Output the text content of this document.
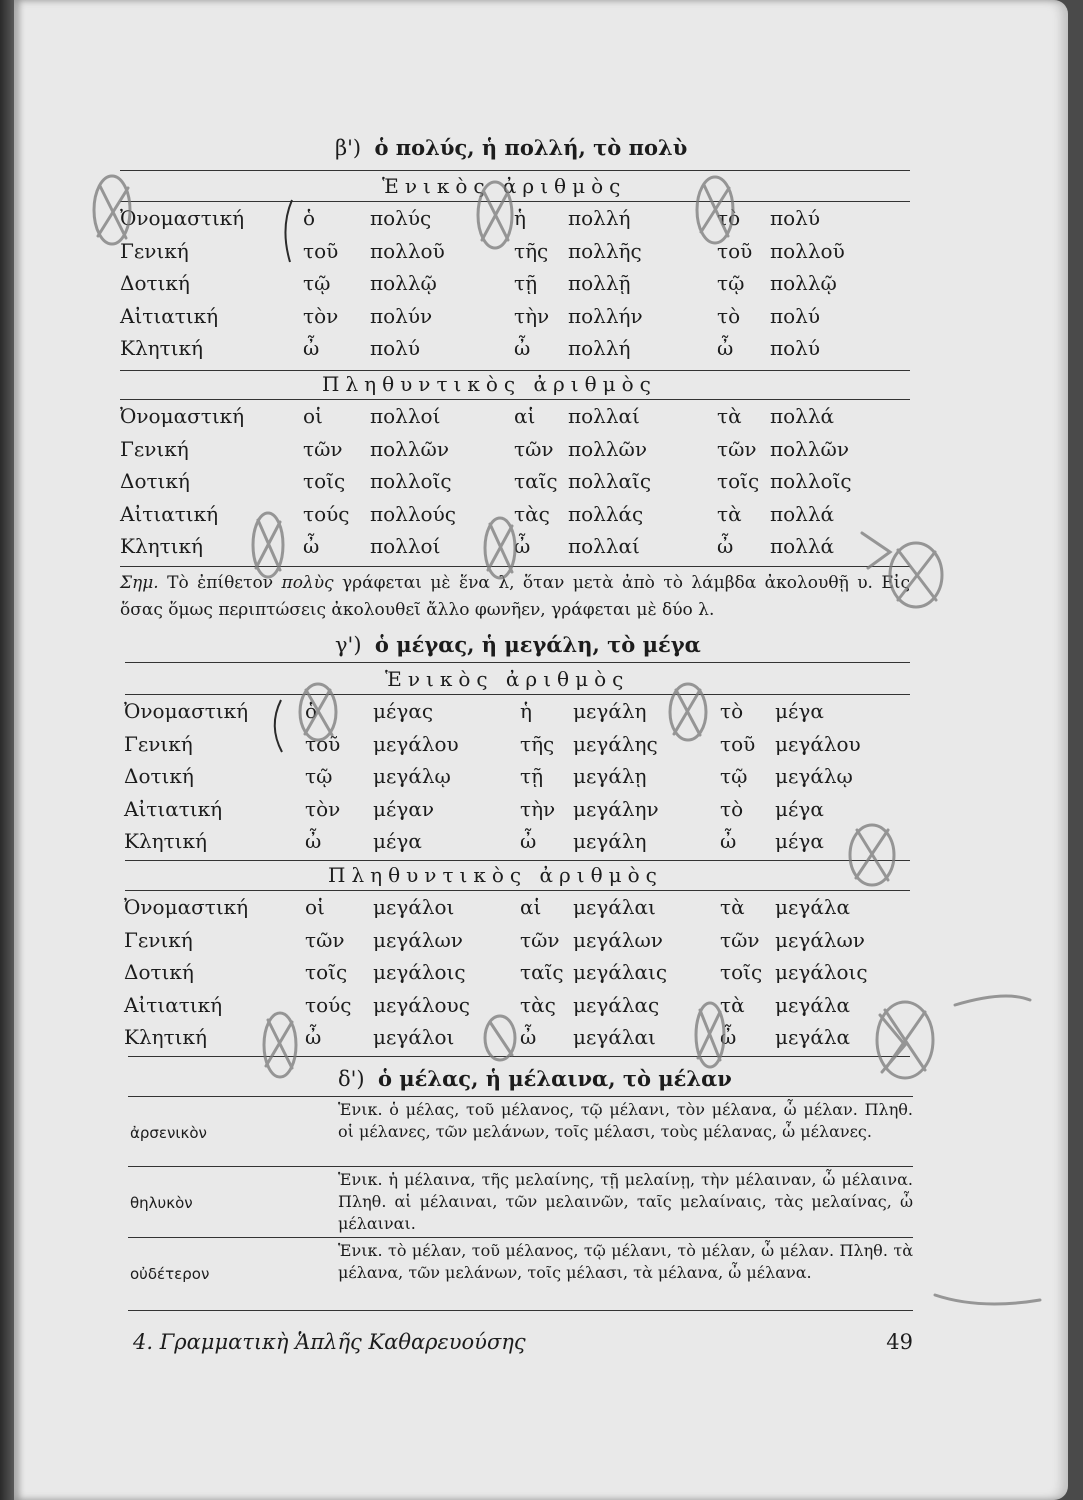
β') ὁ πολύς, ἡ πολλή, τὸ πολὺ
Ἑνικὸς ἀριθμὸς
Ὀνομαστική	ὁ	πολύς	ἡ πολλή	τὸ πολύ
Γενική	τοῦ πολλοῦ	τῆς πολλῆς	τοῦ πολλοῦ
Δοτική	τῷ πολλῷ	τῇ πολλῇ	τῷ πολλῷ
Αἰτιατική	τὸν πολύν	τὴν πολλήν	τὸ πολύ
Κλητική	ὦ	πολύ	ὦ πολλή	ὦ πολύ
Πληθυντικὸς ἀριθμὸς
Ὀνομαστική	οἱ πολλοί	αἱ πολλαί	τὰ πολλά
Γενική	τῶν πολλῶν	τῶν πολλῶν	τῶν πολλῶν
Δοτική	τοῖς πολλοῖς	ταῖς πολλαῖς	τοῖς πολλοῖς
Αἰτιατική	τούς πολλούς	τὰς πολλάς	τὰ πολλά
Κλητική	ὦ	πολλοί	ὦ πολλαί	ὦ πολλά
Σημ. Τὸ ἐπίθετον πολὺς γράφεται μὲ ἕνα λ, ὅταν μετὰ ἀπὸ τὸ λάμβδα ἀκολουθῇ υ. Εἰς ὅσας ὅμως περιπτώσεις ἀκολουθεῖ ἄλλο φωνῆεν, γράφεται μὲ δύο λ.
γ') ὁ μέγας, ἡ μεγάλη, τὸ μέγα
Ἑνικὸς ἀριθμὸς
Ὀνομαστική	ὁ	μέγας	ἡ μεγάλη	τὸ μέγα
Γενική	τοῦ μεγάλου	τῆς μεγάλης	τοῦ μεγάλου
Δοτική	τῷ μεγάλῳ	τῇ μεγάλῃ	τῷ μεγάλῳ
Αἰτιατική	τὸν μέγαν	τὴν μεγάλην	τὸ μέγα
Κλητική	ὦ	μέγα	ὦ μεγάλη	ὦ μέγα
Πληθυντικὸς ἀριθμὸς
Ὀνομαστική	οἱ μεγάλοι	αἱ μεγάλαι	τὰ μεγάλα
Γενική	τῶν μεγάλων	τῶν μεγάλων	τῶν μεγάλων
Δοτική	τοῖς μεγάλοις	ταῖς μεγάλαις	τοῖς μεγάλοις
Αἰτιατική	τούς μεγάλους	τὰς μεγάλας	τὰ μεγάλα
Κλητική	ὦ	μεγάλοι	ὦ μεγάλαι	ὦ μεγάλα
δ') ὁ μέλας, ἡ μέλαινα, τὸ μέλαν
ἀρσενικὸν
Ἑνικ. ὁ μέλας, τοῦ μέλανος, τῷ μέλανι, τὸν μέλανα, ὦ μέλαν. Πληθ. οἱ μέλανες, τῶν μελάνων, τοῖς μέλασι, τοὺς μέλανας, ὦ μέλανες.
θηλυκὸν
Ἑνικ. ἡ μέλαινα, τῆς μελαίνης, τῇ μελαίνῃ, τὴν μέλαιναν, ὦ μέλαινα. Πληθ. αἱ μέλαιναι, τῶν μελαινῶν, ταῖς μελαίναις, τὰς μελαίνας, ὦ μέλαιναι.
οὐδέτερον
Ἑνικ. τὸ μέλαν, τοῦ μέλανος, τῷ μέλανι, τὸ μέλαν, ὦ μέλαν. Πληθ. τὰ μέλανα, τῶν μελάνων, τοῖς μέλασι, τὰ μέλανα, ὦ μέλανα.
4. Γραμματικὴ Ἁπλῆς Καθαρευούσης	49
